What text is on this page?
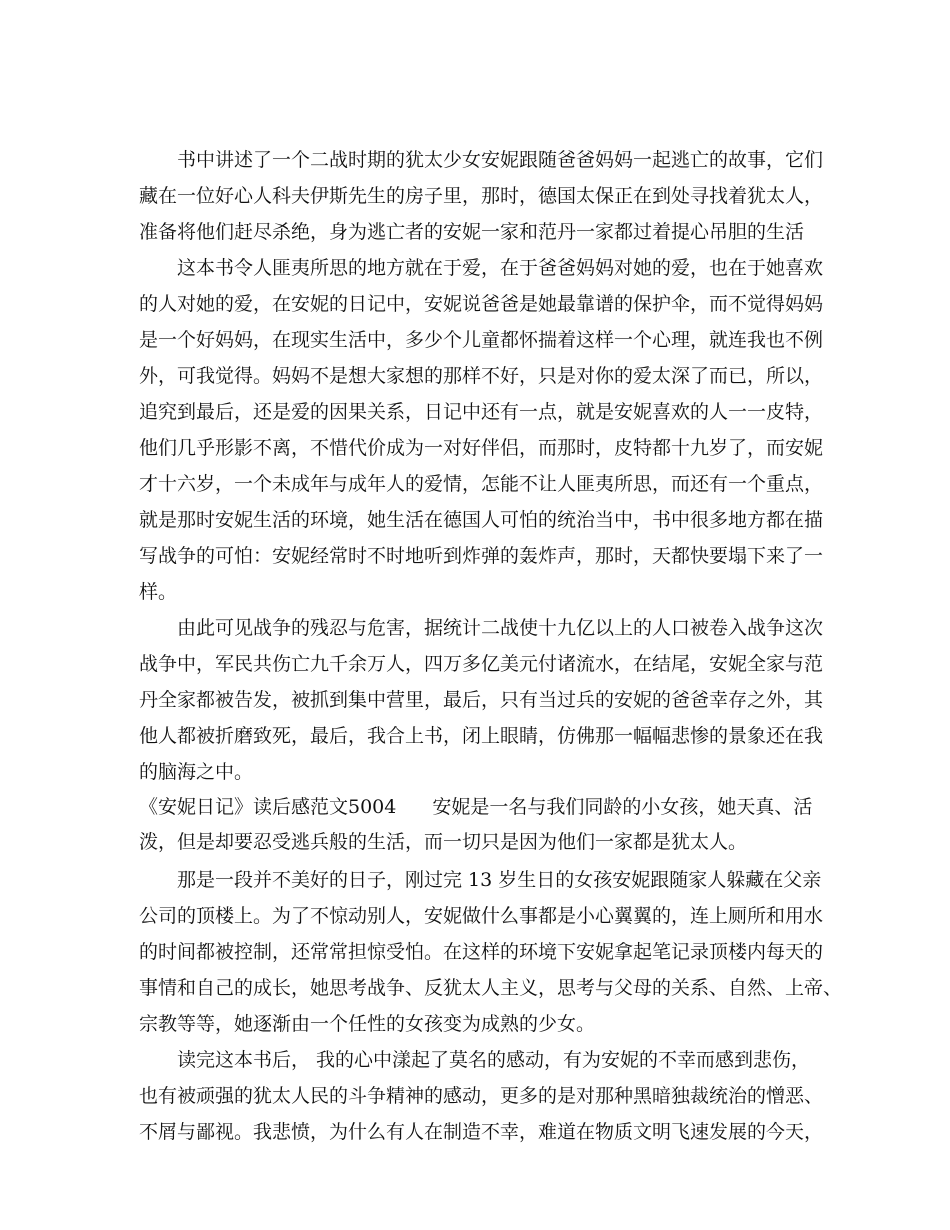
书中讲述了一个二战时期的犹太少女安妮跟随爸爸妈妈一起逃亡的故事，它们
藏在一位好心人科夫伊斯先生的房子里，那时，德国太保正在到处寻找着犹太人，
准备将他们赶尽杀绝，身为逃亡者的安妮一家和范丹一家都过着提心吊胆的生活
这本书令人匪夷所思的地方就在于爱，在于爸爸妈妈对她的爱，也在于她喜欢
的人对她的爱，在安妮的日记中，安妮说爸爸是她最靠谱的保护伞，而不觉得妈妈
是一个好妈妈，在现实生活中，多少个儿童都怀揣着这样一个心理，就连我也不例
外，可我觉得。妈妈不是想大家想的那样不好，只是对你的爱太深了而已，所以，
追究到最后，还是爱的因果关系，日记中还有一点，就是安妮喜欢的人一一皮特，
他们几乎形影不离，不惜代价成为一对好伴侣，而那时，皮特都十九岁了，而安妮
才十六岁，一个未成年与成年人的爱情，怎能不让人匪夷所思，而还有一个重点，
就是那时安妮生活的环境，她生活在德国人可怕的统治当中，书中很多地方都在描
写战争的可怕：安妮经常时不时地听到炸弹的轰炸声，那时，天都快要塌下来了一
样。
由此可见战争的残忍与危害，据统计二战使十九亿以上的人口被卷入战争这次
战争中，军民共伤亡九千余万人，四万多亿美元付诸流水，在结尾，安妮全家与范
丹全家都被告发，被抓到集中营里，最后，只有当过兵的安妮的爸爸幸存之外，其
他人都被折磨致死，最后，我合上书，闭上眼睛，仿佛那一幅幅悲惨的景象还在我
的脑海之中。
《安妮日记》读后感范文5004 安妮是一名与我们同龄的小女孩，她天真、活
泼，但是却要忍受逃兵般的生活，而一切只是因为他们一家都是犹太人。
那是一段并不美好的日子，刚过完 13 岁生日的女孩安妮跟随家人躲藏在父亲
公司的顶楼上。为了不惊动别人，安妮做什么事都是小心翼翼的，连上厕所和用水
的时间都被控制，还常常担惊受怕。在这样的环境下安妮拿起笔记录顶楼内每天的
事情和自己的成长，她思考战争、反犹太人主义，思考与父母的关系、自然、上帝、
宗教等等，她逐渐由一个任性的女孩变为成熟的少女。
读完这本书后， 我的心中漾起了莫名的感动，有为安妮的不幸而感到悲伤，
也有被顽强的犹太人民的斗争精神的感动，更多的是对那种黑暗独裁统治的憎恶、
不屑与鄙视。我悲愤，为什么有人在制造不幸，难道在物质文明飞速发展的今天，
